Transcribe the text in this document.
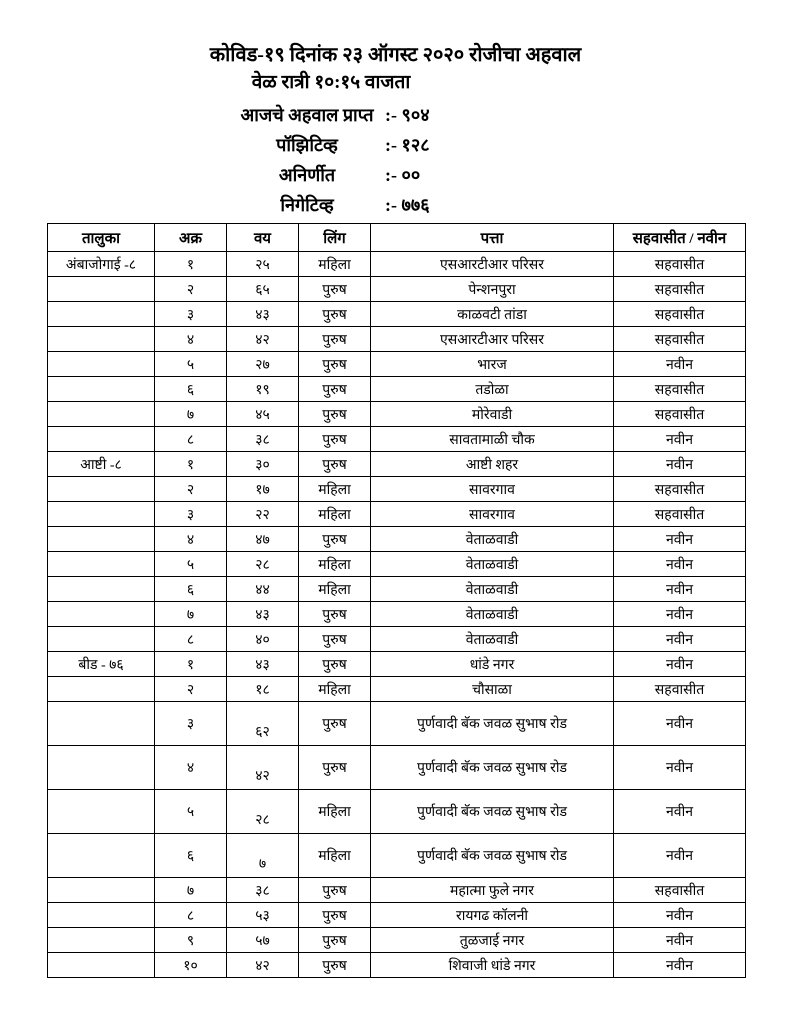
कोविड-१९ दिनांक २३ ऑगस्ट २०२० रोजीचा अहवाल
वेळ रात्री १०:१५ वाजता
आजचे अहवाल प्राप्त :- ९०४
पॉझिटिव्ह	:- १२८
अनिर्णीत	:- ००
निगेटिव्ह	:- ७७६
तालुका	अक्र	वय	लिंग	पत्ता	सहवासीत / नवीन
अंबाजोगाई -८	१	२५	महिला	एसआरटीआर परिसर	सहवासीत
	२	६५	पुरुष	पेन्शनपुरा	सहवासीत
	३	४३	पुरुष	काळवटी तांडा	सहवासीत
	४	४२	पुरुष	एसआरटीआर परिसर	सहवासीत
	५	२७	पुरुष	भारज	नवीन
	६	१९	पुरुष	तडोळा	सहवासीत
	७	४५	पुरुष	मोरेवाडी	सहवासीत
	८	३८	पुरुष	सावतामाळी चौक	नवीन
आष्टी -८	१	३०	पुरुष	आष्टी शहर	नवीन
	२	१७	महिला	सावरगाव	सहवासीत
	३	२२	महिला	सावरगाव	सहवासीत
	४	४७	पुरुष	वेताळवाडी	नवीन
	५	२८	महिला	वेताळवाडी	नवीन
	६	४४	महिला	वेताळवाडी	नवीन
	७	४३	पुरुष	वेताळवाडी	नवीन
	८	४०	पुरुष	वेताळवाडी	नवीन
बीड - ७६	१	४३	पुरुष	धांडे नगर	नवीन
	२	१८	महिला	चौसाळा	सहवासीत
	३	६२	पुरुष	पुर्णवादी बॅक जवळ सुभाष रोड	नवीन
	४	४२	पुरुष	पुर्णवादी बॅक जवळ सुभाष रोड	नवीन
	५	२८	महिला	पुर्णवादी बॅक जवळ सुभाष रोड	नवीन
	६	७	महिला	पुर्णवादी बॅक जवळ सुभाष रोड	नवीन
	७	३८	पुरुष	महात्मा फुले नगर	सहवासीत
	८	५३	पुरुष	रायगढ कॉलनी	नवीन
	९	५७	पुरुष	तुळजाई नगर	नवीन
	१०	४२	पुरुष	शिवाजी धांडे नगर	नवीन
